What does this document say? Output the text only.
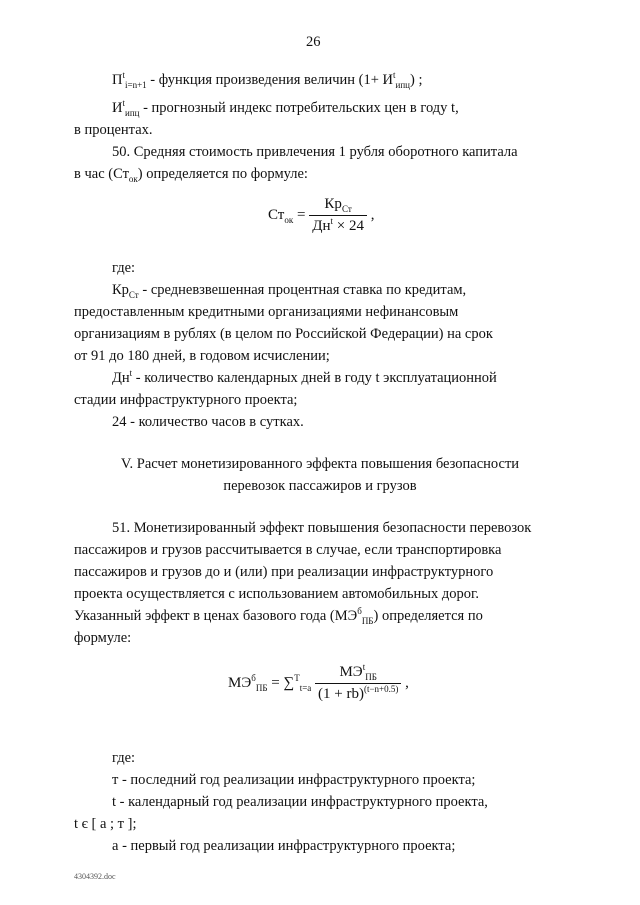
26
$П^t_{i=n+1}$ - функция произведения величин $(1+ И^t_{ипц})$ ;
$И^t_{ипц}$ - прогнозный индекс потребительских цен в году t,
в процентах.
50. Средняя стоимость привлечения 1 рубля оборотного капитала
в час $(Ст_{ок})$ определяется по формуле:
$Ст_{ок} = \frac{Кр_{Ст}}{Дн^t \times 24}$ ,
где:
$Кр_{Ст}$ - средневзвешенная процентная ставка по кредитам,
предоставленным кредитными организациями нефинансовым
организациям в рублях (в целом по Российской Федерации) на срок
от 91 до 180 дней, в годовом исчислении;
$Дн^t$ - количество календарных дней в году t эксплуатационной
стадии инфраструктурного проекта;
24 - количество часов в сутках.
V. Расчет монетизированного эффекта повышения безопасности
перевозок пассажиров и грузов
51. Монетизированный эффект повышения безопасности перевозок
пассажиров и грузов рассчитывается в случае, если транспортировка
пассажиров и грузов до и (или) при реализации инфраструктурного
проекта осуществляется с использованием автомобильных дорог.
Указанный эффект в ценах базового года $(МЭ^б_{ПБ})$ определяется по
формуле:
$МЭ^б_{ПБ} = \sum^T_{t=a} \frac{МЭ^t_{ПБ}}{(1 + rb)^{(t-n+0.5)}}$ ,
где:
т - последний год реализации инфраструктурного проекта;
t - календарный год реализации инфраструктурного проекта,
t є [ a ; т ];
a - первый год реализации инфраструктурного проекта;
4304392.doc
